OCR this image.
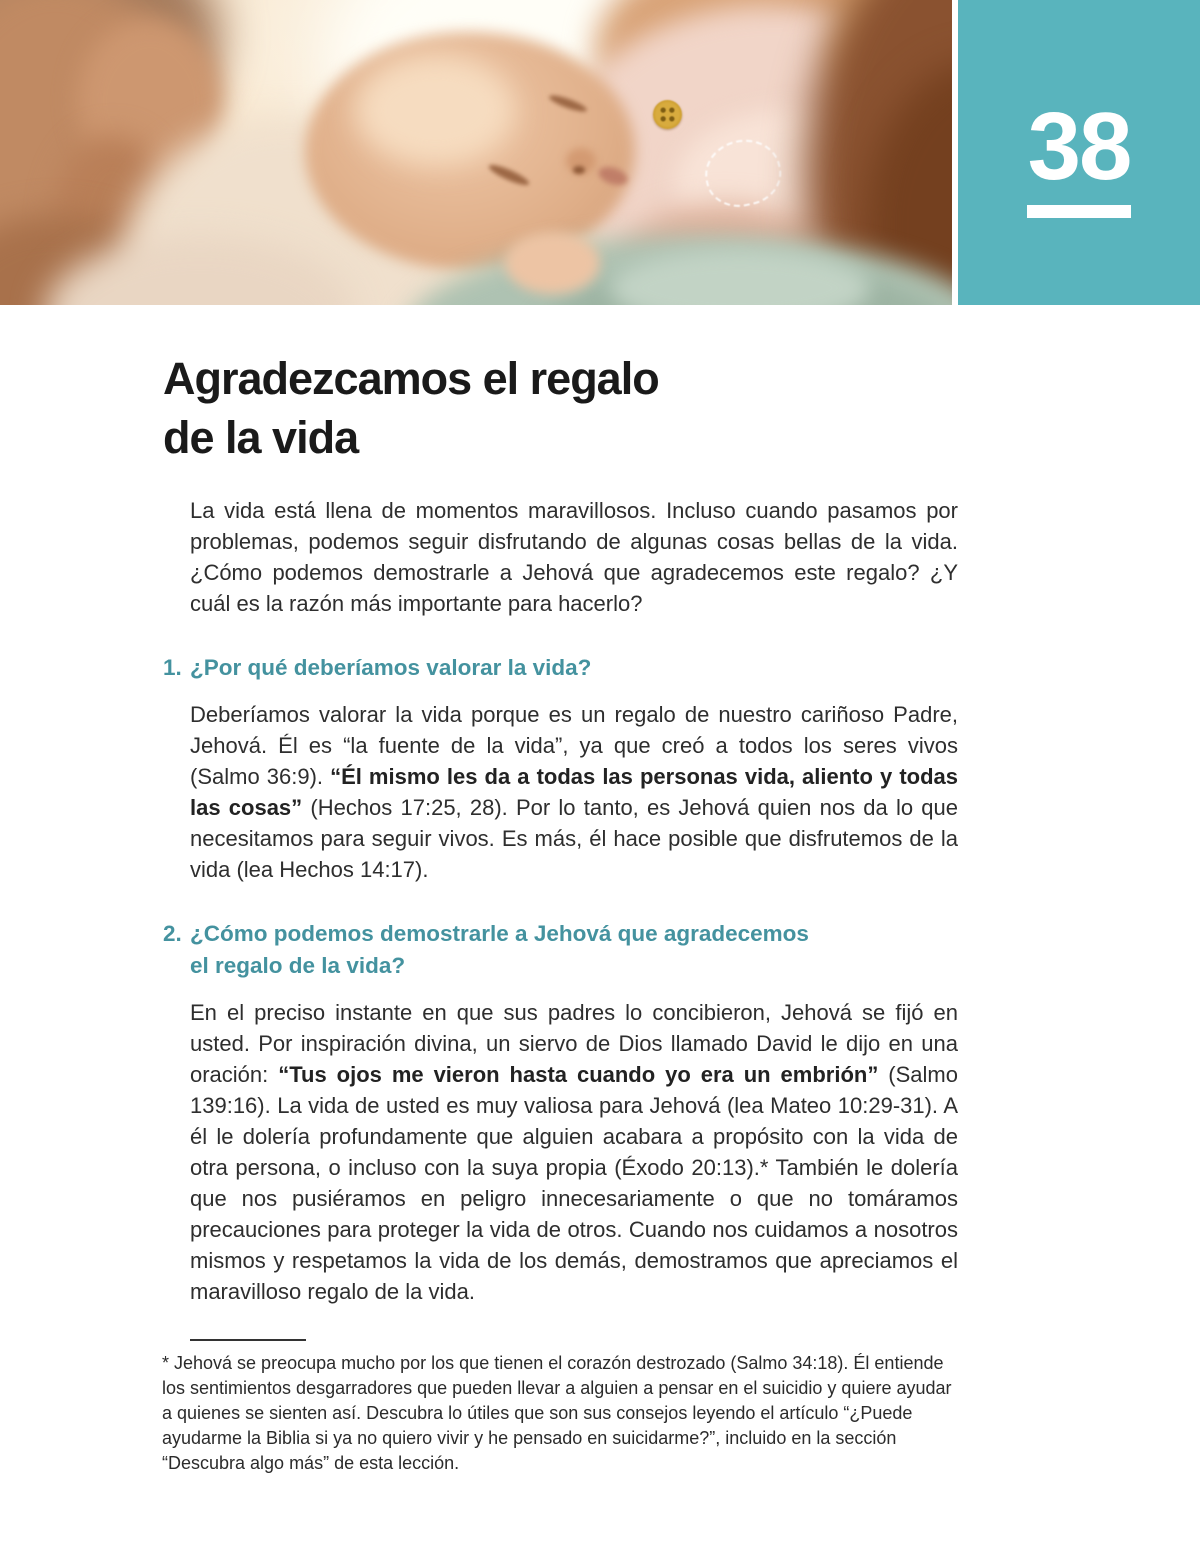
38
Agradezcamos el regalo
de la vida

La vida está llena de momentos maravillosos. Incluso cuando pasamos por problemas, podemos seguir disfrutando de algunas cosas bellas de la vida. ¿Cómo podemos demostrarle a Jehová que agradecemos este regalo? ¿Y cuál es la razón más importante para hacerlo?

1. ¿Por qué deberíamos valorar la vida?

Deberíamos valorar la vida porque es un regalo de nuestro cariñoso Padre, Jehová. Él es “la fuente de la vida”, ya que creó a todos los seres vivos (Salmo 36:9). “Él mismo les da a todas las personas vida, aliento y todas las cosas” (Hechos 17:25, 28). Por lo tanto, es Jehová quien nos da lo que necesitamos para seguir vivos. Es más, él hace posible que disfrutemos de la vida (lea Hechos 14:17).

2. ¿Cómo podemos demostrarle a Jehová que agradecemos
el regalo de la vida?

En el preciso instante en que sus padres lo concibieron, Jehová se fijó en usted. Por inspiración divina, un siervo de Dios llamado David le dijo en una oración: “Tus ojos me vieron hasta cuando yo era un embrión” (Salmo 139:16). La vida de usted es muy valiosa para Jehová (lea Mateo 10:29-31). A él le dolería profundamente que alguien acabara a propósito con la vida de otra persona, o incluso con la suya propia (Éxodo 20:13).* También le dolería que nos pusiéramos en peligro innecesariamente o que no tomáramos precauciones para proteger la vida de otros. Cuando nos cuidamos a nosotros mismos y respetamos la vida de los demás, demostramos que apreciamos el maravilloso regalo de la vida.

* Jehová se preocupa mucho por los que tienen el corazón destrozado (Salmo 34:18). Él entiende los sentimientos desgarradores que pueden llevar a alguien a pensar en el suicidio y quiere ayudar a quienes se sienten así. Descubra lo útiles que son sus consejos leyendo el artículo “¿Puede ayudarme la Biblia si ya no quiero vivir y he pensado en suicidarme?”, incluido en la sección “Descubra algo más” de esta lección.
